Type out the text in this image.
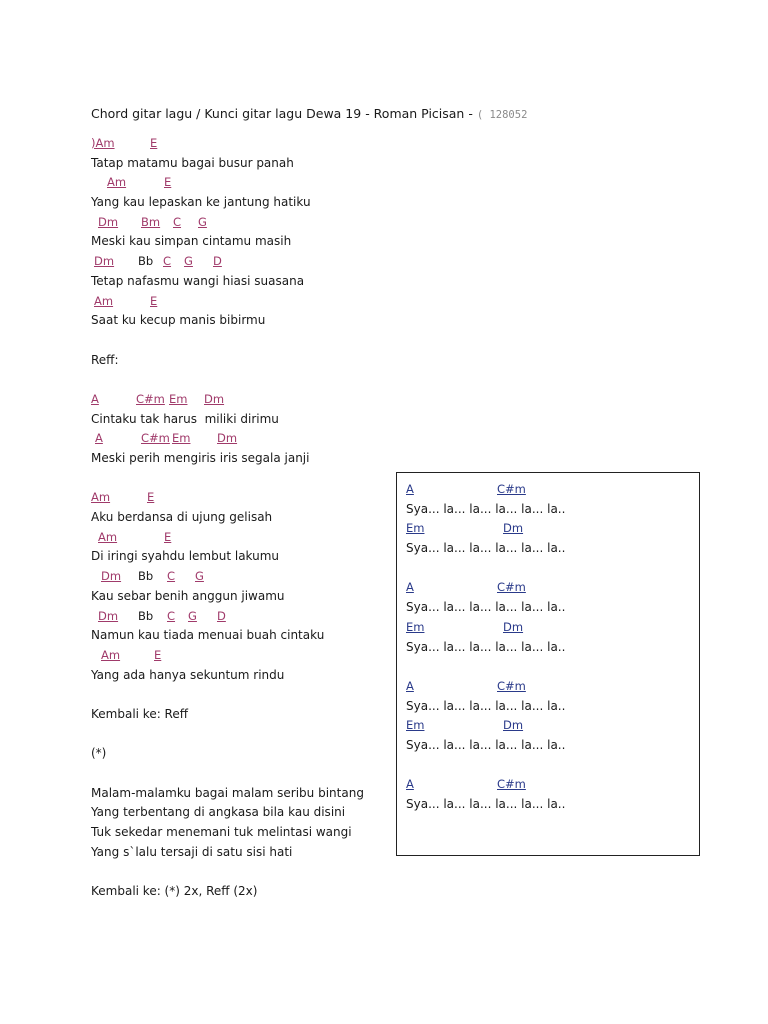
Chord gitar lagu / Kunci gitar lagu Dewa 19 - Roman Picisan - ( 128052
)Am	E
Tatap matamu bagai busur panah
Am	E
Yang kau lepaskan ke jantung hatiku
Dm Bm C G
Meski kau simpan cintamu masih
Dm Bb C G D
Tetap nafasmu wangi hiasi suasana
Am	E
Saat ku kecup manis bibirmu
Reff:
A	C#m Em Dm
Cintaku tak harus  miliki dirimu
A	C#m Em Dm
Meski perih mengiris iris segala janji
Am	E
Aku berdansa di ujung gelisah
Am	E
Di iringi syahdu lembut lakumu
Dm Bb C G
Kau sebar benih anggun jiwamu
Dm Bb C G D
Namun kau tiada menuai buah cintaku
Am	E
Yang ada hanya sekuntum rindu
Kembali ke: Reff
(*)
Malam-malamku bagai malam seribu bintang
Yang terbentang di angkasa bila kau disini
Tuk sekedar menemani tuk melintasi wangi
Yang s`lalu tersaji di satu sisi hati
Kembali ke: (*) 2x, Reff (2x)
A	C#m
Sya... la... la... la... la... la..
Em	Dm
Sya... la... la... la... la... la..
A	C#m
Sya... la... la... la... la... la..
Em	Dm
Sya... la... la... la... la... la..
A	C#m
Sya... la... la... la... la... la..
Em	Dm
Sya... la... la... la... la... la..
A	C#m
Sya... la... la... la... la... la..
